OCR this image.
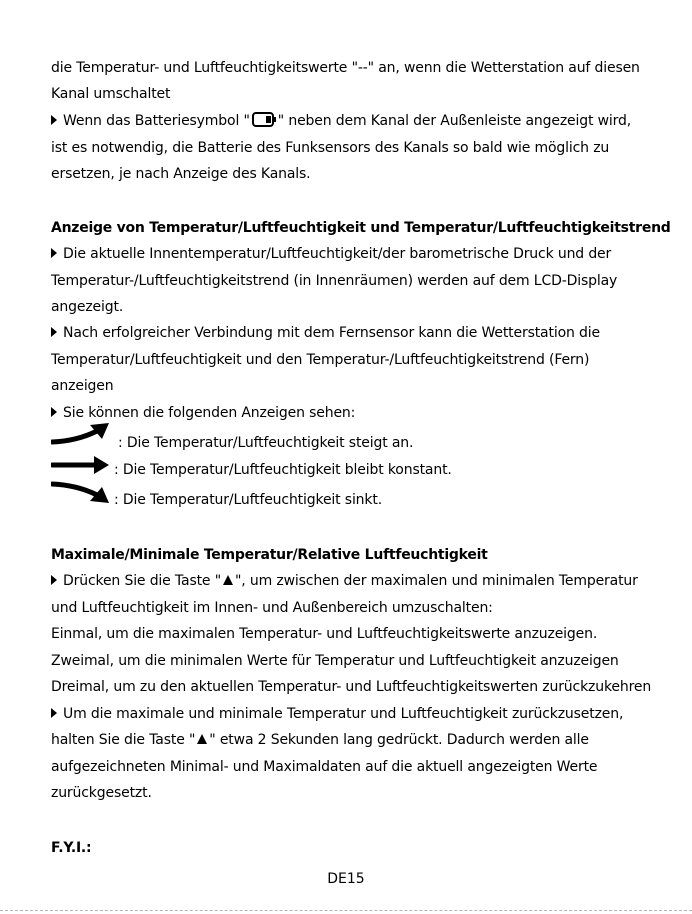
die Temperatur- und Luftfeuchtigkeitswerte "--" an, wenn die Wetterstation auf diesen
Kanal umschaltet
Wenn das Batteriesymbol " " neben dem Kanal der Außenleiste angezeigt wird,
ist es notwendig, die Batterie des Funksensors des Kanals so bald wie möglich zu
ersetzen, je nach Anzeige des Kanals.
Anzeige von Temperatur/Luftfeuchtigkeit und Temperatur/Luftfeuchtigkeitstrend
Die aktuelle Innentemperatur/Luftfeuchtigkeit/der barometrische Druck und der
Temperatur-/Luftfeuchtigkeitstrend (in Innenräumen) werden auf dem LCD-Display
angezeigt.
Nach erfolgreicher Verbindung mit dem Fernsensor kann die Wetterstation die
Temperatur/Luftfeuchtigkeit und den Temperatur-/Luftfeuchtigkeitstrend (Fern)
anzeigen
Sie können die folgenden Anzeigen sehen:
: Die Temperatur/Luftfeuchtigkeit steigt an.
: Die Temperatur/Luftfeuchtigkeit bleibt konstant.
: Die Temperatur/Luftfeuchtigkeit sinkt.
Maximale/Minimale Temperatur/Relative Luftfeuchtigkeit
Drücken Sie die Taste " ", um zwischen der maximalen und minimalen Temperatur
und Luftfeuchtigkeit im Innen- und Außenbereich umzuschalten:
Einmal, um die maximalen Temperatur- und Luftfeuchtigkeitswerte anzuzeigen.
Zweimal, um die minimalen Werte für Temperatur und Luftfeuchtigkeit anzuzeigen
Dreimal, um zu den aktuellen Temperatur- und Luftfeuchtigkeitswerten zurückzukehren
Um die maximale und minimale Temperatur und Luftfeuchtigkeit zurückzusetzen,
halten Sie die Taste " " etwa 2 Sekunden lang gedrückt. Dadurch werden alle
aufgezeichneten Minimal- und Maximaldaten auf die aktuell angezeigten Werte
zurückgesetzt.
F.Y.I.:
DE15
